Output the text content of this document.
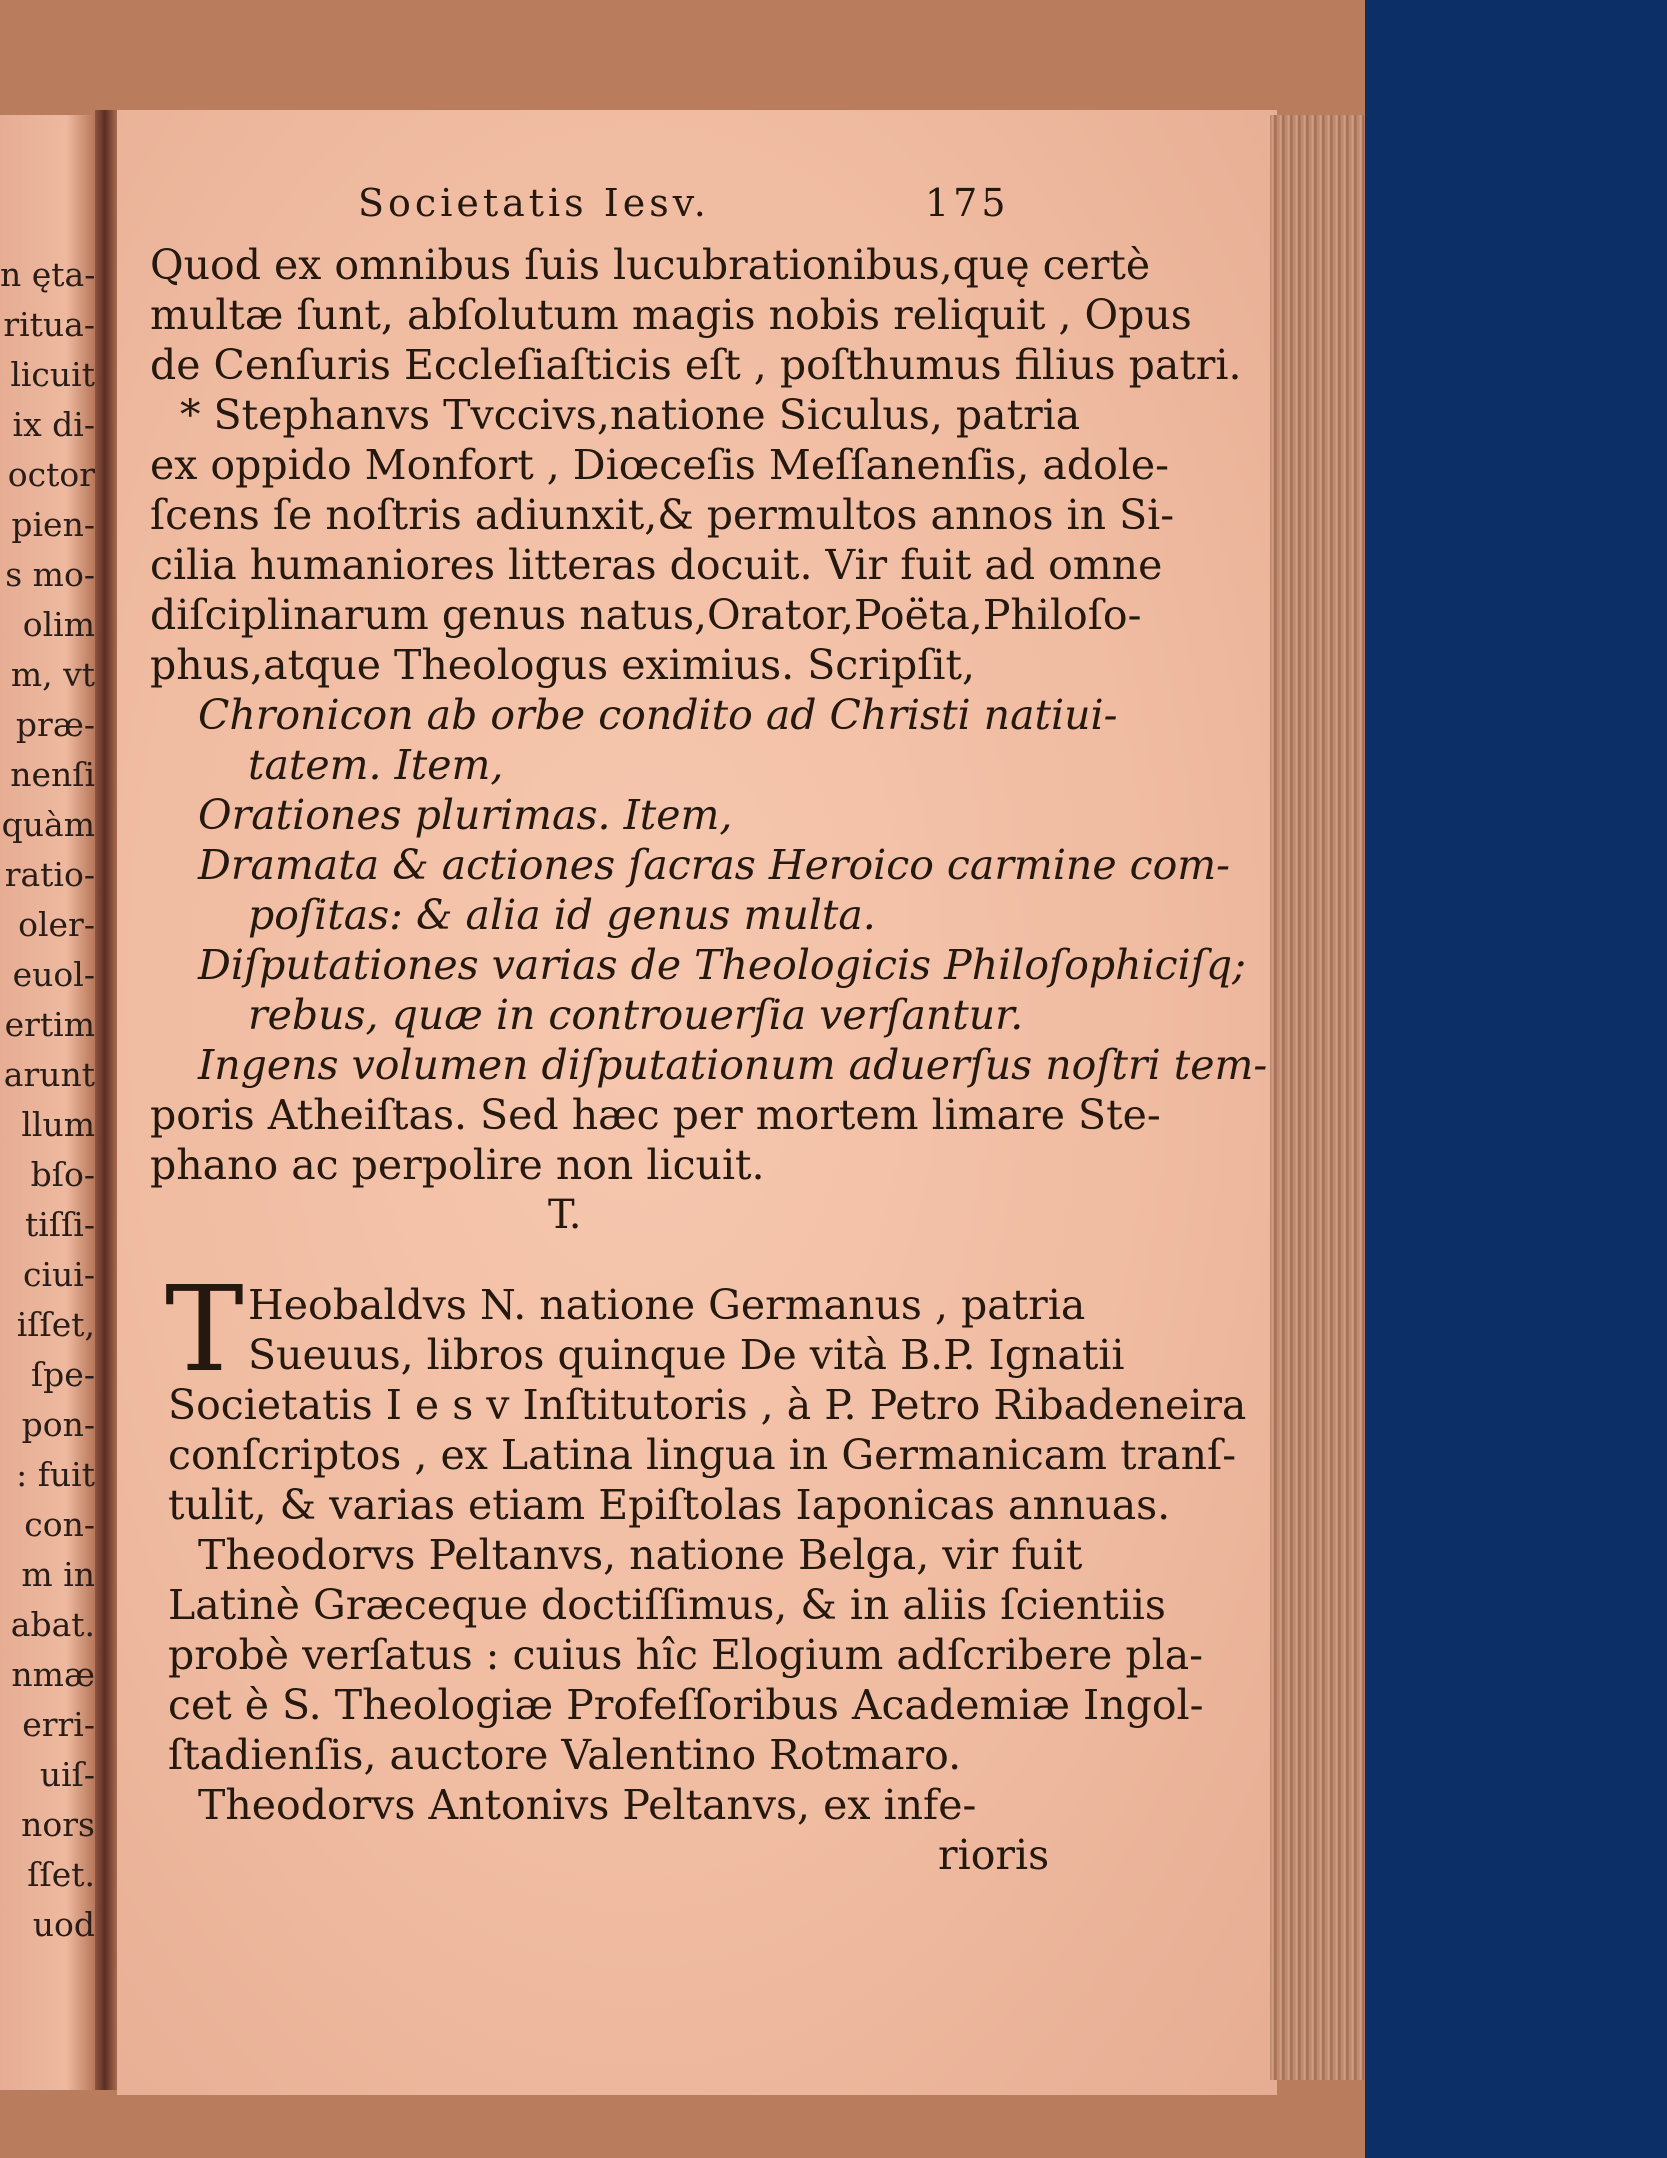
n ęta-
ritua-
licuit
ix di-
octor
pien-
s mo-
olim
m, vt
præ-
nenſi
quàm
ratio-
oler-
euol-
ertim
arunt
llum
bſo-
tiſſi-
ciui-
iſſet,
ſpe-
pon-
: fuit
con-
m in
abat.
nmæ
erri-
uiſ-
nors
ſſet.
uod
Societatis Iesv.	175
Quod ex omnibus ſuis lucubrationibus,quę certè
multæ ſunt, abſolutum magis nobis reliquit , Opus
de Cenſuris Eccleſiaſticis eſt , poſthumus filius patri.
* Stephanvs Tvccivs,natione Siculus, patria
ex oppido Monfort , Diœceſis Meſſanenſis, adole-
ſcens ſe noſtris adiunxit,& permultos annos in Si-
cilia humaniores litteras docuit. Vir fuit ad omne
diſciplinarum genus natus,Orator,Poëta,Philoſo-
phus,atque Theologus eximius. Scripſit,
Chronicon ab orbe condito ad Christi natiui-
tatem. Item,
Orationes plurimas. Item,
Dramata & actiones ſacras Heroico carmine com-
poſitas: & alia id genus multa.
Diſputationes varias de Theologicis Philoſophiciſq;
rebus, quæ in controuerſia verſantur.
Ingens volumen diſputationum aduerſus noſtri tem-
poris Atheiſtas. Sed hæc per mortem limare Ste-
phano ac perpolire non licuit.
T.
T Heobaldvs N. natione Germanus , patria
Sueuus, libros quinque De vità B.P. Ignatii
Societatis I e s v Inſtitutoris , à P. Petro Ribadeneira
conſcriptos , ex Latina lingua in Germanicam tranſ-
tulit, & varias etiam Epiſtolas Iaponicas annuas.
Theodorvs Peltanvs, natione Belga, vir fuit
Latinè Græceque doctiſſimus, & in aliis ſcientiis
probè verſatus : cuius hîc Elogium adſcribere pla-
cet è S. Theologiæ Profeſſoribus Academiæ Ingol-
ſtadienſis, auctore Valentino Rotmaro.
Theodorvs Antonivs Peltanvs, ex infe-
rioris
